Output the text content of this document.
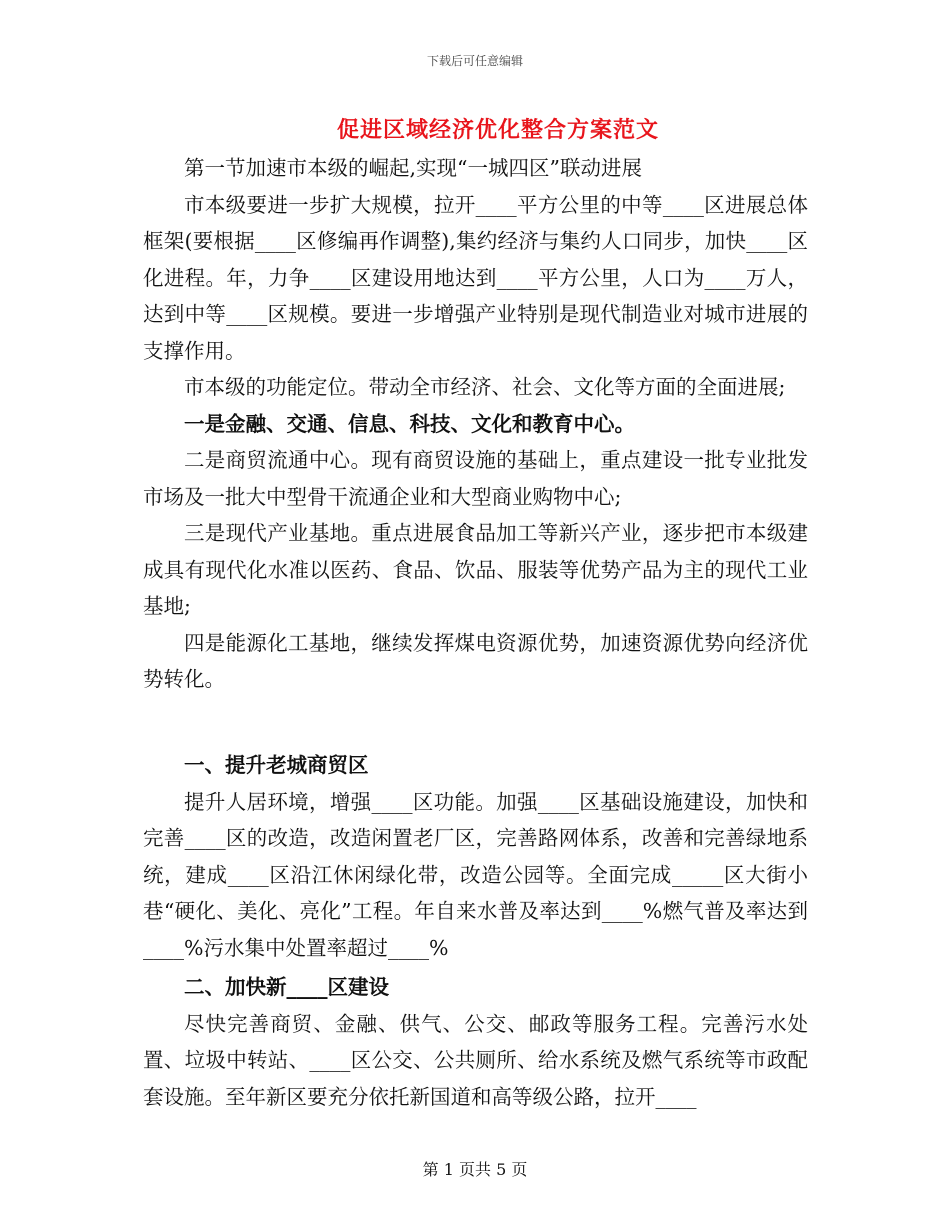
下载后可任意编辑
促进区域经济优化整合方案范文

第一节加速市本级的崛起,实现“一城四区”联动进展

市本级要进一步扩大规模，拉开____平方公里的中等____区进展总体框架(要根据____区修编再作调整),集约经济与集约人口同步，加快____区化进程。年，力争____区建设用地达到____平方公里，人口为____万人，达到中等____区规模。要进一步增强产业特别是现代制造业对城市进展的支撑作用。

市本级的功能定位。带动全市经济、社会、文化等方面的全面进展;

一是金融、交通、信息、科技、文化和教育中心。

二是商贸流通中心。现有商贸设施的基础上，重点建设一批专业批发市场及一批大中型骨干流通企业和大型商业购物中心;

三是现代产业基地。重点进展食品加工等新兴产业，逐步把市本级建成具有现代化水准以医药、食品、饮品、服装等优势产品为主的现代工业基地;

四是能源化工基地，继续发挥煤电资源优势，加速资源优势向经济优势转化。

一、提升老城商贸区

提升人居环境，增强____区功能。加强____区基础设施建设，加快和完善____区的改造，改造闲置老厂区，完善路网体系，改善和完善绿地系统，建成____区沿江休闲绿化带，改造公园等。全面完成_____区大街小巷“硬化、美化、亮化”工程。年自来水普及率达到____%燃气普及率达到____%污水集中处置率超过____%

二、加快新____区建设

尽快完善商贸、金融、供气、公交、邮政等服务工程。完善污水处置、垃圾中转站、____区公交、公共厕所、给水系统及燃气系统等市政配套设施。至年新区要充分依托新国道和高等级公路，拉开____

第 1 页共 5 页
